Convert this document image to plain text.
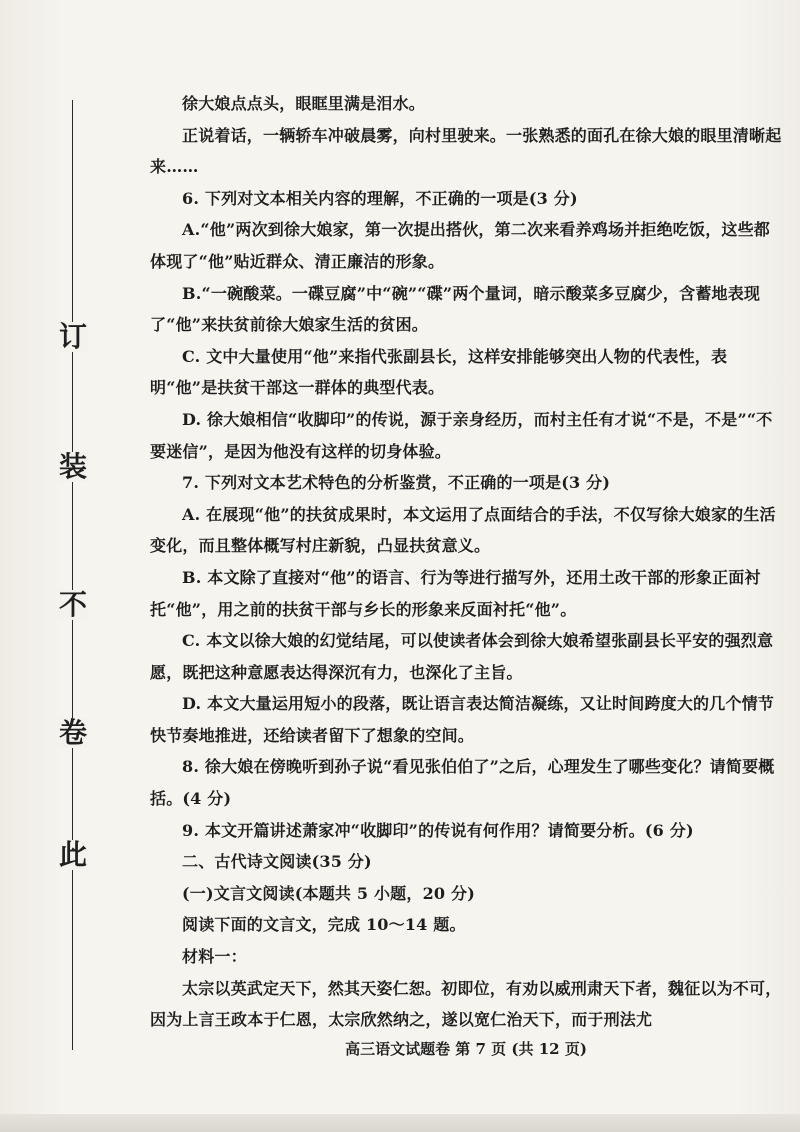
订
装
不
卷
此

徐大娘点点头，眼眶里满是泪水。

正说着话，一辆轿车冲破晨雾，向村里驶来。一张熟悉的面孔在徐大娘的眼里清晰起来……

6. 下列对文本相关内容的理解，不正确的一项是(3 分)

A.“他”两次到徐大娘家，第一次提出搭伙，第二次来看养鸡场并拒绝吃饭，这些都体现了“他”贴近群众、清正廉洁的形象。

B.“一碗酸菜。一碟豆腐”中“碗”“碟”两个量词，暗示酸菜多豆腐少，含蓄地表现了“他”来扶贫前徐大娘家生活的贫困。

C. 文中大量使用“他”来指代张副县长，这样安排能够突出人物的代表性，表明“他”是扶贫干部这一群体的典型代表。

D. 徐大娘相信“收脚印”的传说，源于亲身经历，而村主任有才说“不是，不是”“不要迷信”，是因为他没有这样的切身体验。

7. 下列对文本艺术特色的分析鉴赏，不正确的一项是(3 分)

A. 在展现“他”的扶贫成果时，本文运用了点面结合的手法，不仅写徐大娘家的生活变化，而且整体概写村庄新貌，凸显扶贫意义。

B. 本文除了直接对“他”的语言、行为等进行描写外，还用土改干部的形象正面衬托“他”，用之前的扶贫干部与乡长的形象来反面衬托“他”。

C. 本文以徐大娘的幻觉结尾，可以使读者体会到徐大娘希望张副县长平安的强烈意愿，既把这种意愿表达得深沉有力，也深化了主旨。

D. 本文大量运用短小的段落，既让语言表达简洁凝练，又让时间跨度大的几个情节快节奏地推进，还给读者留下了想象的空间。

8. 徐大娘在傍晚听到孙子说“看见张伯伯了”之后，心理发生了哪些变化？请简要概括。(4 分)

9. 本文开篇讲述萧家冲“收脚印”的传说有何作用？请简要分析。(6 分)

二、古代诗文阅读(35 分)

(一)文言文阅读(本题共 5 小题，20 分)

阅读下面的文言文，完成 10～14 题。

材料一：

太宗以英武定天下，然其天姿仁恕。初即位，有劝以威刑肃天下者，魏征以为不可，因为上言王政本于仁恩，太宗欣然纳之，遂以宽仁治天下，而于刑法尤

高三语文试题卷 第 7 页 (共 12 页)
